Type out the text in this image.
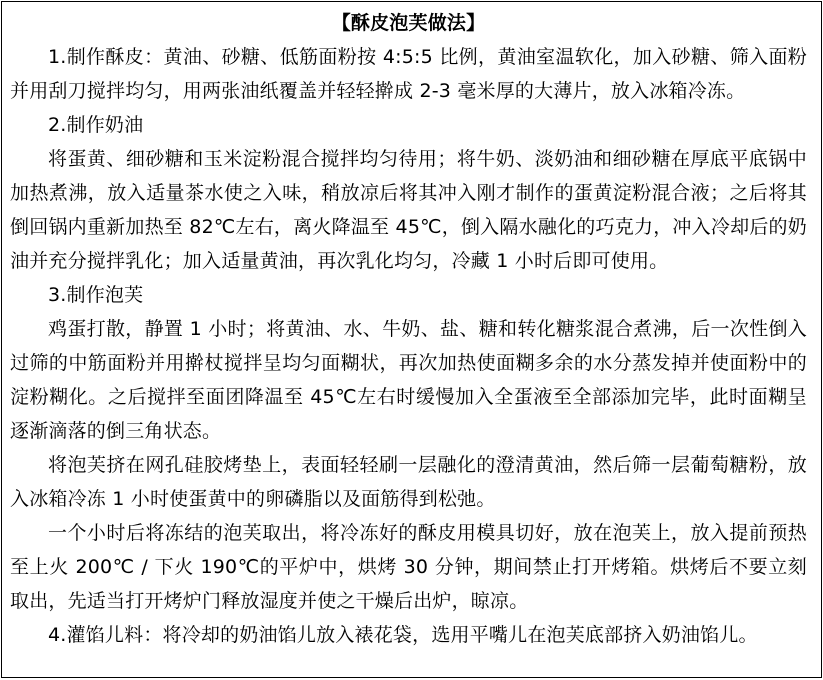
【酥皮泡芙做法】

1.制作酥皮：黄油、砂糖、低筋面粉按 4:5:5 比例，黄油室温软化，加入砂糖、筛入面粉并用刮刀搅拌均匀，用两张油纸覆盖并轻轻擀成 2-3 毫米厚的大薄片，放入冰箱冷冻。

2.制作奶油

将蛋黄、细砂糖和玉米淀粉混合搅拌均匀待用；将牛奶、淡奶油和细砂糖在厚底平底锅中加热煮沸，放入适量茶水使之入味，稍放凉后将其冲入刚才制作的蛋黄淀粉混合液；之后将其倒回锅内重新加热至 82℃左右，离火降温至 45℃，倒入隔水融化的巧克力，冲入冷却后的奶油并充分搅拌乳化；加入适量黄油，再次乳化均匀，冷藏 1 小时后即可使用。

3.制作泡芙

鸡蛋打散，静置 1 小时；将黄油、水、牛奶、盐、糖和转化糖浆混合煮沸，后一次性倒入过筛的中筋面粉并用擀杖搅拌呈均匀面糊状，再次加热使面糊多余的水分蒸发掉并使面粉中的淀粉糊化。之后搅拌至面团降温至 45℃左右时缓慢加入全蛋液至全部添加完毕，此时面糊呈逐渐滴落的倒三角状态。

将泡芙挤在网孔硅胶烤垫上，表面轻轻刷一层融化的澄清黄油，然后筛一层葡萄糖粉，放入冰箱冷冻 1 小时使蛋黄中的卵磷脂以及面筋得到松弛。

一个小时后将冻结的泡芙取出，将冷冻好的酥皮用模具切好，放在泡芙上，放入提前预热至上火 200℃ / 下火 190℃的平炉中，烘烤 30 分钟，期间禁止打开烤箱。烘烤后不要立刻取出，先适当打开烤炉门释放湿度并使之干燥后出炉，晾凉。

4.灌馅儿料：将冷却的奶油馅儿放入裱花袋，选用平嘴儿在泡芙底部挤入奶油馅儿。
